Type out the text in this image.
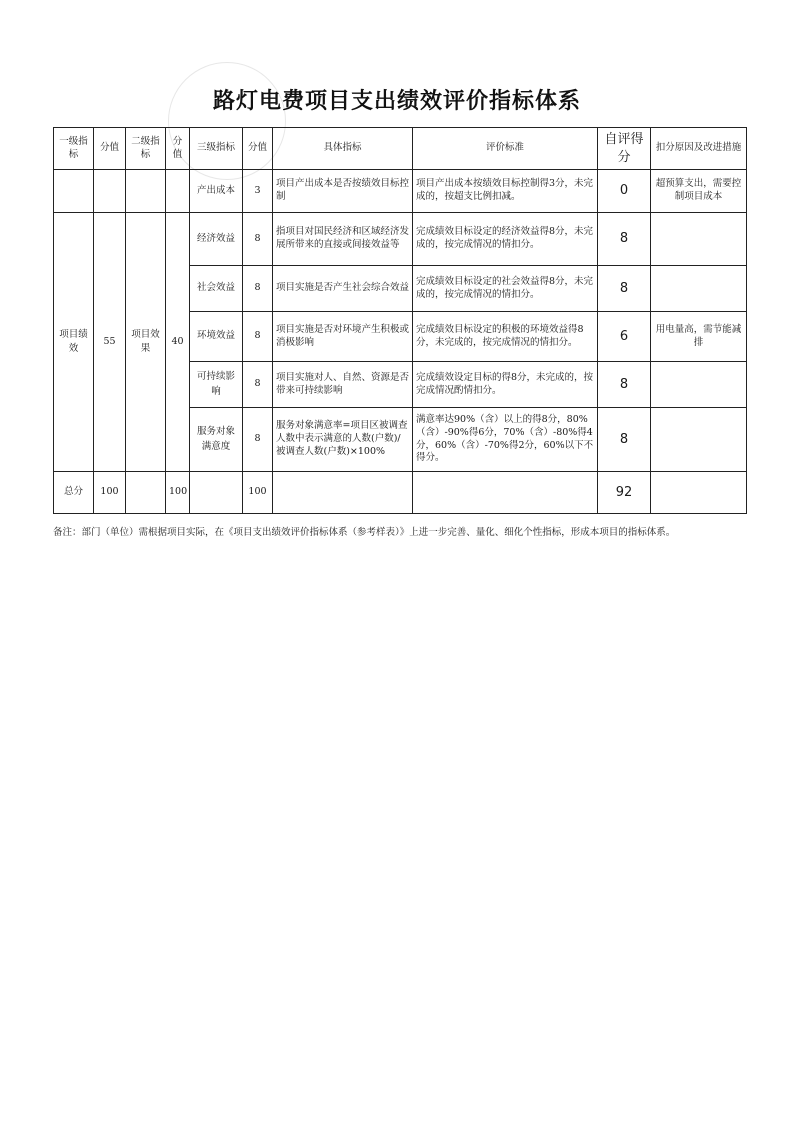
路灯电费项目支出绩效评价指标体系
一级指标	分值	二级指标	分值	三级指标	分值	具体指标	评价标准	自评得分	扣分原因及改进措施
				产出成本	3	项目产出成本是否按绩效目标控制	项目产出成本按绩效目标控制得3分，未完成的，按超支比例扣减。	0	超预算支出，需要控制项目成本
项目绩效	55	项目效果	40	经济效益	8	指项目对国民经济和区域经济发展所带来的直接或间接效益等	完成绩效目标设定的经济效益得8分，未完成的，按完成情况的情扣分。	8	
				社会效益	8	项目实施是否产生社会综合效益	完成绩效目标设定的社会效益得8分，未完成的，按完成情况的情扣分。	8	
				环境效益	8	项目实施是否对环境产生积极或消极影响	完成绩效目标设定的积极的环境效益得8分，未完成的，按完成情况的情扣分。	6	用电量高，需节能减排
				可持续影响	8	项目实施对人、自然、资源是否带来可持续影响	完成绩效设定目标的得8分，未完成的，按完成情况酌情扣分。	8	
				服务对象满意度	8	服务对象满意率=项目区被调查人数中表示满意的人数(户数)/被调查人数(户数)×100%	满意率达90%（含）以上的得8分，80%（含）-90%得6分，70%（含）-80%得4分，60%（含）-70%得2分，60%以下不得分。	8	
总分	100		100		100			92	
备注：部门（单位）需根据项目实际，在《项目支出绩效评价指标体系（参考样表）》上进一步完善、量化、细化个性指标，形成本项目的指标体系。
